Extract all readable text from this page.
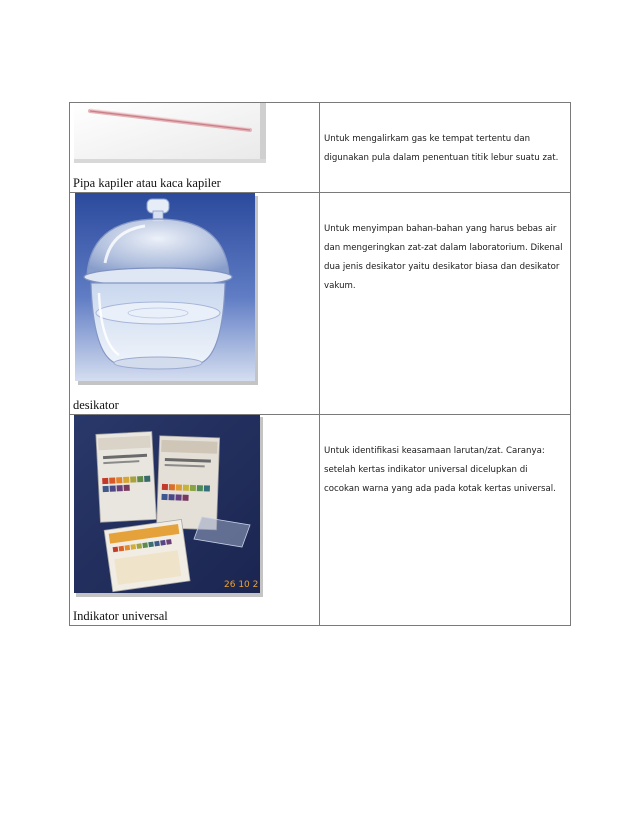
Pipa kapiler atau kaca kapiler	Untuk mengalirkam gas ke tempat tertentu dan digunakan pula dalam penentuan titik lebur suatu zat.

desikator	Untuk menyimpan bahan-bahan yang harus bebas air dan mengeringkan zat-zat dalam laboratorium. Dikenal dua jenis desikator yaitu desikator biasa dan desikator vakum.

26 10 2
Indikator universal	Untuk identifikasi keasamaan larutan/zat. Caranya: setelah kertas indikator universal dicelupkan di cocokan warna yang ada pada kotak kertas universal.
